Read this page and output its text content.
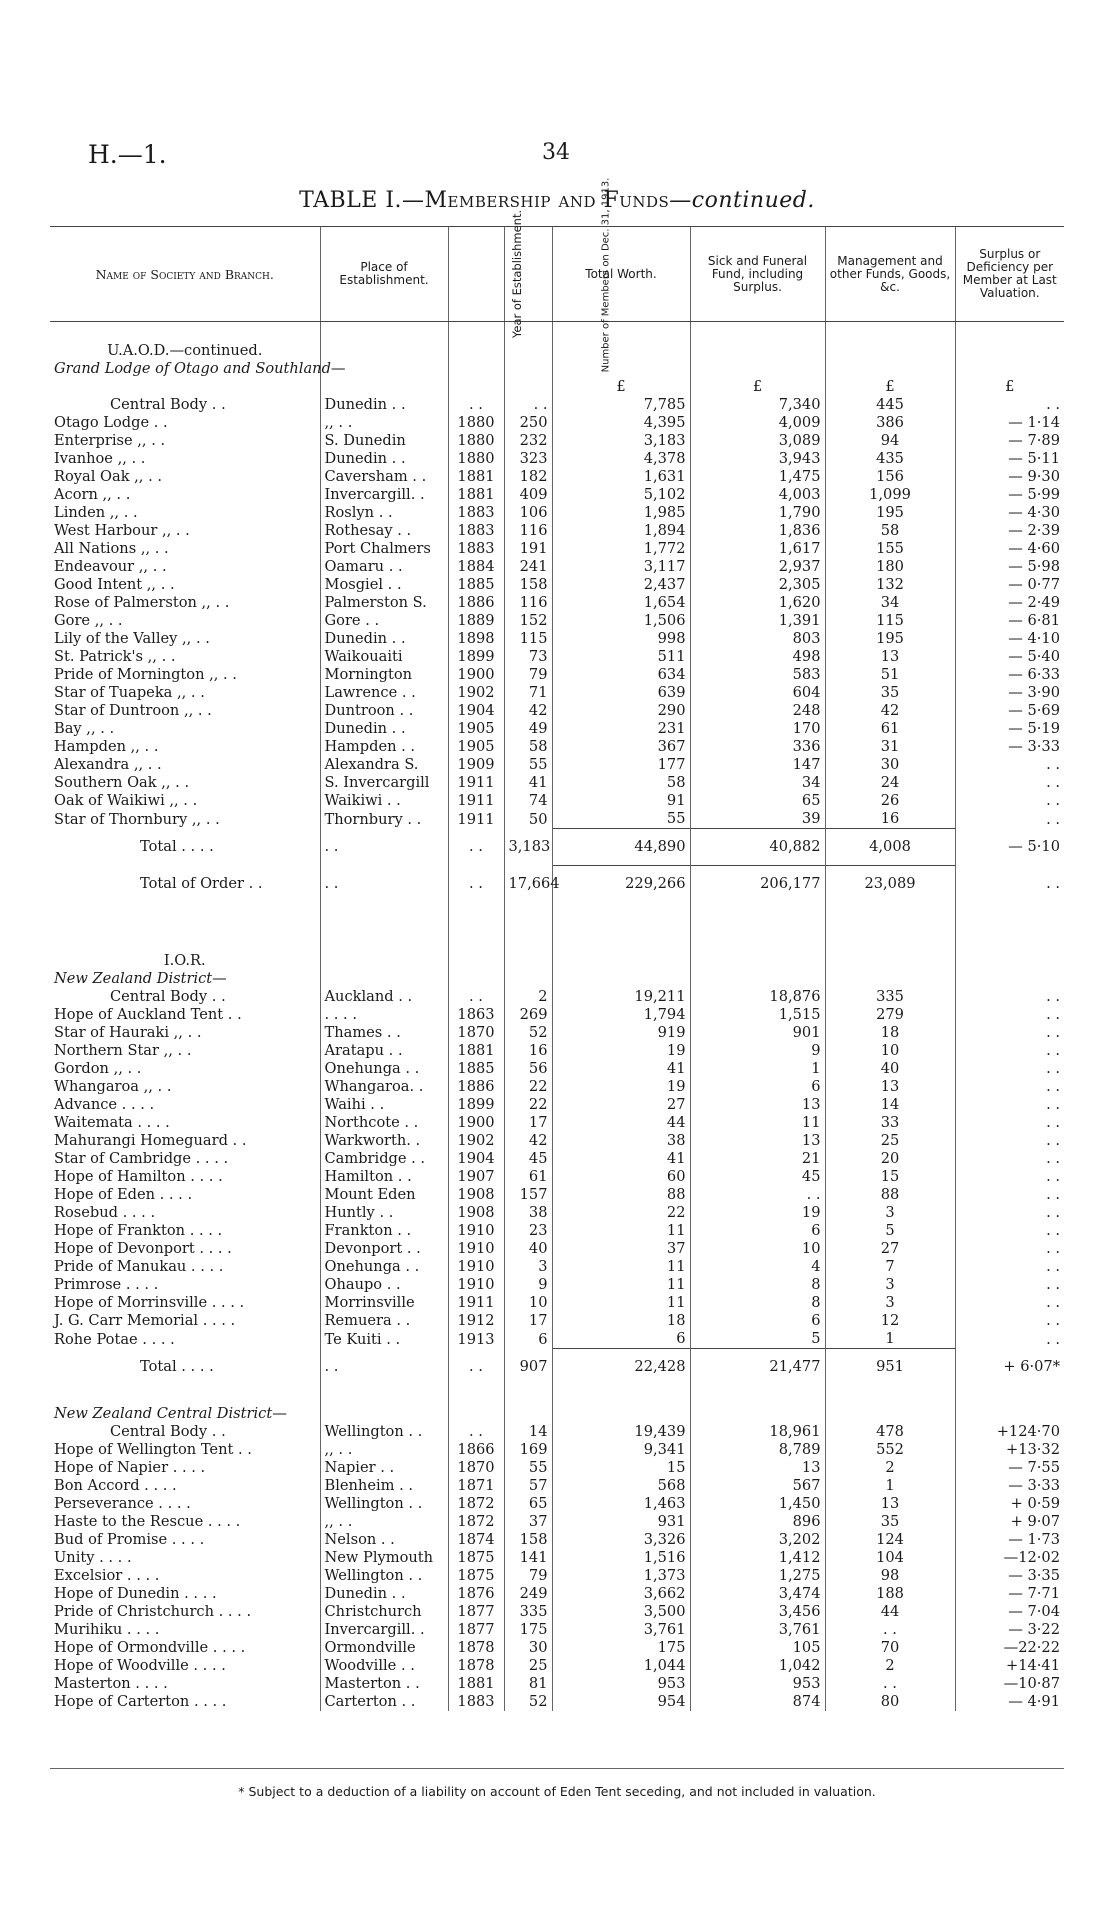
H.—1.	34
TABLE I.—Membership and Funds—continued.
Name of Society and Branch.	Place of Establishment.	Year of Establishment.	Number of Members on Dec. 31, 1913.	Total Worth.	Sick and Funeral Fund, including Surplus.	Management and other Funds, Goods, &c.	Surplus or Deficiency per Member at Last Valuation.

U.A.O.D.—continued.							
Grand Lodge of Otago and Southland—							
				£	£	£	£
Central Body . .	Dunedin . .	. .	. .	7,785	7,340	445	. .
Otago Lodge . .	,, . .	1880	250	4,395	4,009	386	— 1·14
Enterprise ,, . .	S. Dunedin	1880	232	3,183	3,089	94	— 7·89
Ivanhoe ,, . .	Dunedin . .	1880	323	4,378	3,943	435	— 5·11
Royal Oak ,, . .	Caversham . .	1881	182	1,631	1,475	156	— 9·30
Acorn ,, . .	Invercargill. .	1881	409	5,102	4,003	1,099	— 5·99
Linden ,, . .	Roslyn . .	1883	106	1,985	1,790	195	— 4·30
West Harbour ,, . .	Rothesay . .	1883	116	1,894	1,836	58	— 2·39
All Nations ,, . .	Port Chalmers	1883	191	1,772	1,617	155	— 4·60
Endeavour ,, . .	Oamaru . .	1884	241	3,117	2,937	180	— 5·98
Good Intent ,, . .	Mosgiel . .	1885	158	2,437	2,305	132	— 0·77
Rose of Palmerston ,, . .	Palmerston S.	1886	116	1,654	1,620	34	— 2·49
Gore ,, . .	Gore . .	1889	152	1,506	1,391	115	— 6·81
Lily of the Valley ,, . .	Dunedin . .	1898	115	998	803	195	— 4·10
St. Patrick's ,, . .	Waikouaiti	1899	73	511	498	13	— 5·40
Pride of Mornington ,, . .	Mornington	1900	79	634	583	51	— 6·33
Star of Tuapeka ,, . .	Lawrence . .	1902	71	639	604	35	— 3·90
Star of Duntroon ,, . .	Duntroon . .	1904	42	290	248	42	— 5·69
Bay ,, . .	Dunedin . .	1905	49	231	170	61	— 5·19
Hampden ,, . .	Hampden . .	1905	58	367	336	31	— 3·33
Alexandra ,, . .	Alexandra S.	1909	55	177	147	30	. .
Southern Oak ,, . .	S. Invercargill	1911	41	58	34	24	. .
Oak of Waikiwi ,, . .	Waikiwi . .	1911	74	91	65	26	. .
Star of Thornbury ,, . .	Thornbury . .	1911	50	55	39	16	. .
Total . . . .	. .	. .	3,183	44,890	40,882	4,008	— 5·10
Total of Order . .	. .	. .	17,664	229,266	206,177	23,089	. .

I.O.R.							
New Zealand District—							
Central Body . .	Auckland . .	. .	2	19,211	18,876	335	. .
Hope of Auckland Tent . .	. . . .	1863	269	1,794	1,515	279	. .
Star of Hauraki ,, . .	Thames . .	1870	52	919	901	18	. .
Northern Star ,, . .	Aratapu . .	1881	16	19	9	10	. .
Gordon ,, . .	Onehunga . .	1885	56	41	1	40	. .
Whangaroa ,, . .	Whangaroa. .	1886	22	19	6	13	. .
Advance . . . .	Waihi . .	1899	22	27	13	14	. .
Waitemata . . . .	Northcote . .	1900	17	44	11	33	. .
Mahurangi Homeguard . .	Warkworth. .	1902	42	38	13	25	. .
Star of Cambridge . . . .	Cambridge . .	1904	45	41	21	20	. .
Hope of Hamilton . . . .	Hamilton . .	1907	61	60	45	15	. .
Hope of Eden . . . .	Mount Eden	1908	157	88	. .	88	. .
Rosebud . . . .	Huntly . .	1908	38	22	19	3	. .
Hope of Frankton . . . .	Frankton . .	1910	23	11	6	5	. .
Hope of Devonport . . . .	Devonport . .	1910	40	37	10	27	. .
Pride of Manukau . . . .	Onehunga . .	1910	3	11	4	7	. .
Primrose . . . .	Ohaupo . .	1910	9	11	8	3	. .
Hope of Morrinsville . . . .	Morrinsville	1911	10	11	8	3	. .
J. G. Carr Memorial . . . .	Remuera . .	1912	17	18	6	12	. .
Rohe Potae . . . .	Te Kuiti . .	1913	6	6	5	1	. .
Total . . . .	. .	. .	907	22,428	21,477	951	+ 6·07*

New Zealand Central District—							
Central Body . .	Wellington . .	. .	14	19,439	18,961	478	+124·70
Hope of Wellington Tent . .	,, . .	1866	169	9,341	8,789	552	+13·32
Hope of Napier . . . .	Napier . .	1870	55	15	13	2	— 7·55
Bon Accord . . . .	Blenheim . .	1871	57	568	567	1	— 3·33
Perseverance . . . .	Wellington . .	1872	65	1,463	1,450	13	+ 0·59
Haste to the Rescue . . . .	,, . .	1872	37	931	896	35	+ 9·07
Bud of Promise . . . .	Nelson . .	1874	158	3,326	3,202	124	— 1·73
Unity . . . .	New Plymouth	1875	141	1,516	1,412	104	—12·02
Excelsior . . . .	Wellington . .	1875	79	1,373	1,275	98	— 3·35
Hope of Dunedin . . . .	Dunedin . .	1876	249	3,662	3,474	188	— 7·71
Pride of Christchurch . . . .	Christchurch	1877	335	3,500	3,456	44	— 7·04
Murihiku . . . .	Invercargill. .	1877	175	3,761	3,761	. .	— 3·22
Hope of Ormondville . . . .	Ormondville	1878	30	175	105	70	—22·22
Hope of Woodville . . . .	Woodville . .	1878	25	1,044	1,042	2	+14·41
Masterton . . . .	Masterton . .	1881	81	953	953	. .	—10·87
Hope of Carterton . . . .	Carterton . .	1883	52	954	874	80	— 4·91
* Subject to a deduction of a liability on account of Eden Tent seceding, and not included in valuation.
